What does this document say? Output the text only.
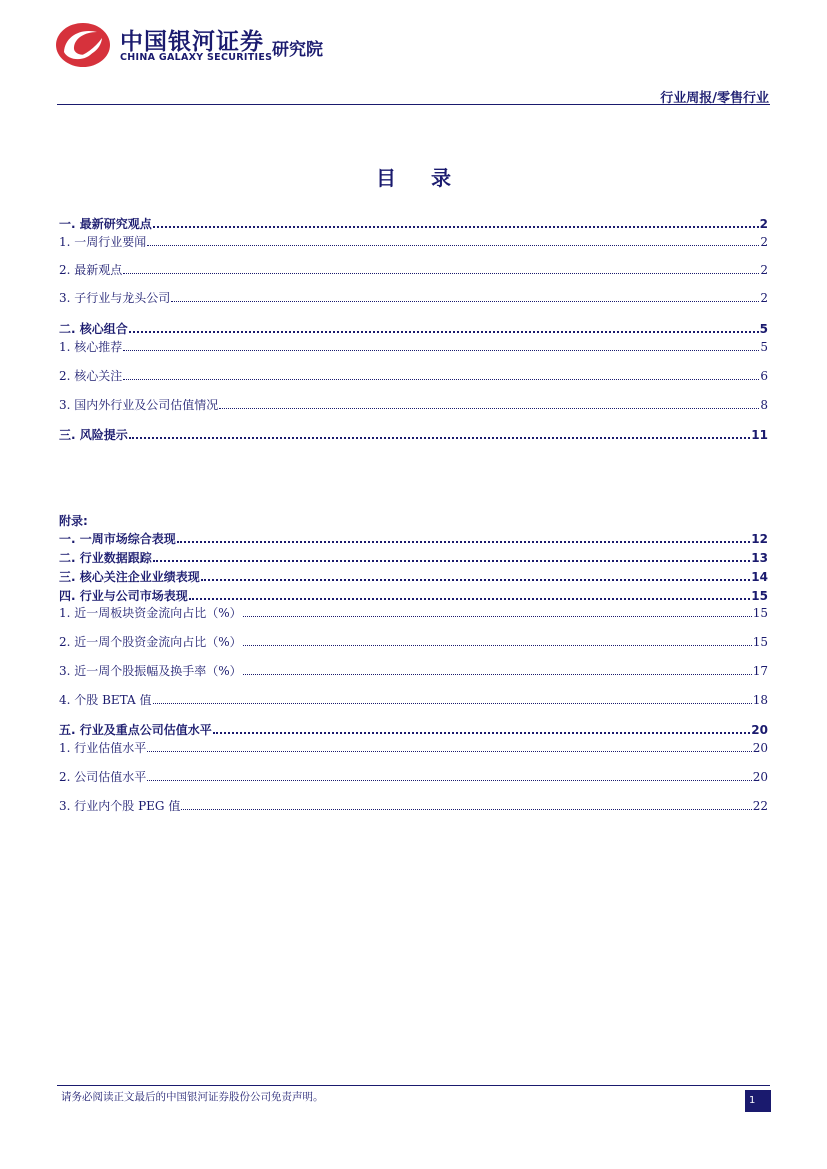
中国银河证券
CHINA GALAXY SECURITIES 研究院
行业周报/零售行业
目 录
一. 最新研究观点	2
1. 一周行业要闻	2
2. 最新观点	2
3. 子行业与龙头公司	2
二. 核心组合	5
1. 核心推荐	5
2. 核心关注	6
3. 国内外行业及公司估值情况	8
三. 风险提示	11
附录:
一. 一周市场综合表现	12
二. 行业数据跟踪	13
三. 核心关注企业业绩表现	14
四. 行业与公司市场表现	15
1. 近一周板块资金流向占比（%）	15
2. 近一周个股资金流向占比（%）	15
3. 近一周个股振幅及换手率（%）	17
4. 个股 BETA 值	18
五. 行业及重点公司估值水平	20
1. 行业估值水平	20
2. 公司估值水平	20
3. 行业内个股 PEG 值	22
请务必阅读正文最后的中国银河证券股份公司免责声明。	1
